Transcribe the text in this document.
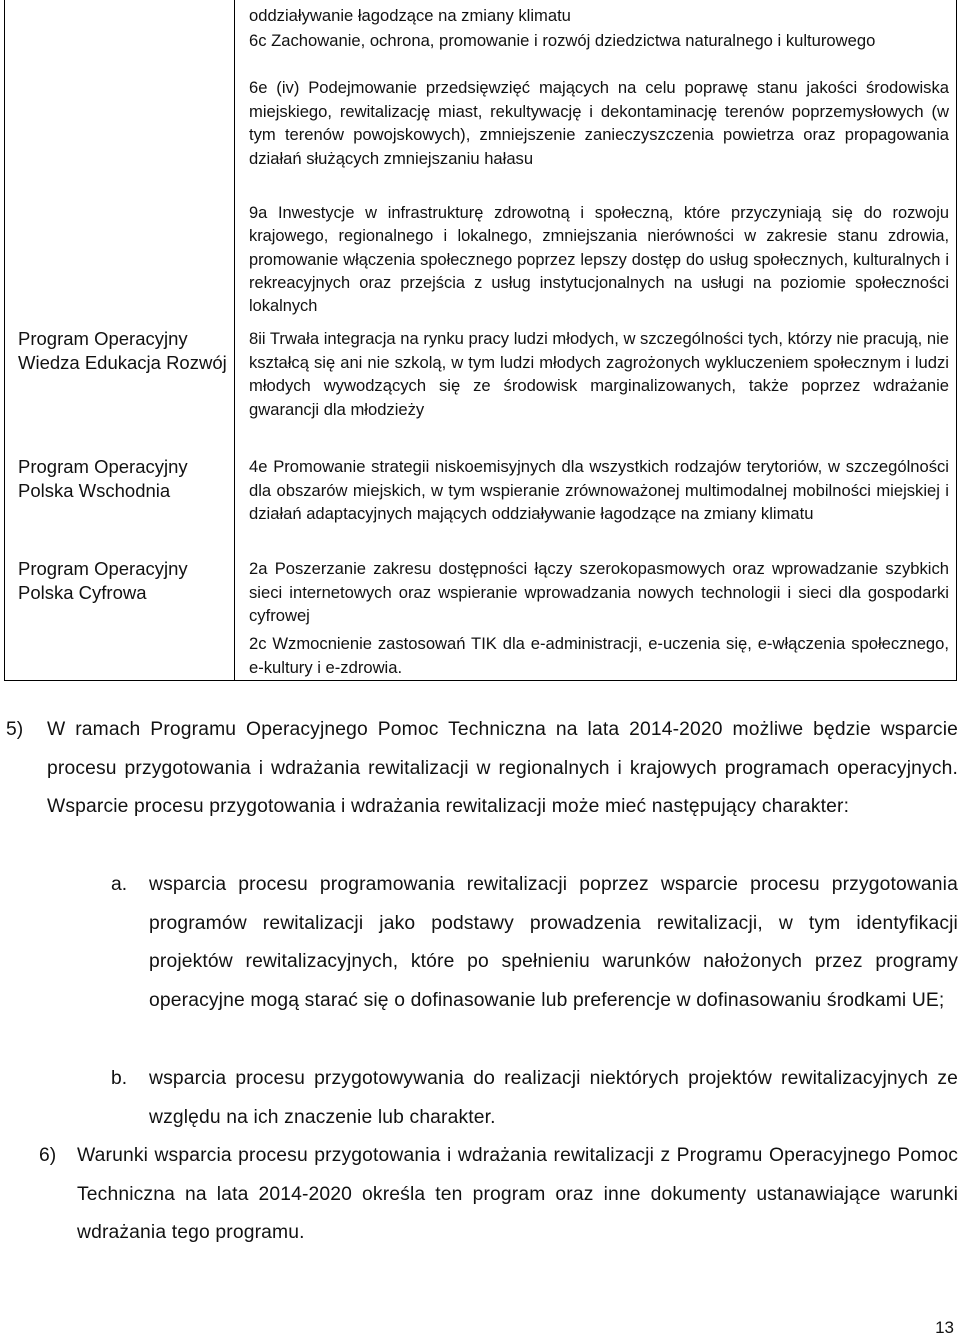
Program Operacyjny Wiedza Edukacja Rozwój
Program Operacyjny Polska Wschodnia
Program Operacyjny Polska Cyfrowa
oddziaływanie łagodzące na zmiany klimatu
6c Zachowanie, ochrona, promowanie i rozwój dziedzictwa naturalnego i kulturowego
6e (iv) Podejmowanie przedsięwzięć mających na celu poprawę stanu jakości środowiska miejskiego, rewitalizację miast, rekultywację i dekontaminację terenów poprzemysłowych (w tym terenów powojskowych), zmniejszenie zanieczyszczenia powietrza oraz propagowania działań służących zmniejszaniu hałasu
9a Inwestycje w infrastrukturę zdrowotną i społeczną, które przyczyniają się do rozwoju krajowego, regionalnego i lokalnego, zmniejszania nierówności w zakresie stanu zdrowia, promowanie włączenia społecznego poprzez lepszy dostęp do usług społecznych, kulturalnych i rekreacyjnych oraz przejścia z usług instytucjonalnych na usługi na poziomie społeczności lokalnych
8ii Trwała integracja na rynku pracy ludzi młodych, w szczególności tych, którzy nie pracują, nie kształcą się ani nie szkolą, w tym ludzi młodych zagrożonych wykluczeniem społecznym i ludzi młodych wywodzących się ze środowisk marginalizowanych, także poprzez wdrażanie gwarancji dla młodzieży
4e Promowanie strategii niskoemisyjnych dla wszystkich rodzajów terytoriów, w szczególności dla obszarów miejskich, w tym wspieranie zrównoważonej multimodalnej mobilności miejskiej i działań adaptacyjnych mających oddziaływanie łagodzące na zmiany klimatu
2a Poszerzanie zakresu dostępności łączy szerokopasmowych oraz wprowadzanie szybkich sieci internetowych oraz wspieranie wprowadzania nowych technologii i sieci dla gospodarki cyfrowej
2c Wzmocnienie zastosowań TIK dla e-administracji, e-uczenia się, e-włączenia społecznego, e-kultury i e-zdrowia.
5) W ramach Programu Operacyjnego Pomoc Techniczna na lata 2014-2020 możliwe będzie wsparcie procesu przygotowania i wdrażania rewitalizacji w regionalnych i krajowych programach operacyjnych. Wsparcie procesu przygotowania i wdrażania rewitalizacji może mieć następujący charakter:
a. wsparcia procesu programowania rewitalizacji poprzez wsparcie procesu przygotowania programów rewitalizacji jako podstawy prowadzenia rewitalizacji, w tym identyfikacji projektów rewitalizacyjnych, które po spełnieniu warunków nałożonych przez programy operacyjne mogą starać się o dofinasowanie lub preferencje w dofinasowaniu środkami UE;
b. wsparcia procesu przygotowywania do realizacji niektórych projektów rewitalizacyjnych ze względu na ich znaczenie lub charakter.
6) Warunki wsparcia procesu przygotowania i wdrażania rewitalizacji z Programu Operacyjnego Pomoc Techniczna na lata 2014-2020 określa ten program oraz inne dokumenty ustanawiające warunki wdrażania tego programu.
13
